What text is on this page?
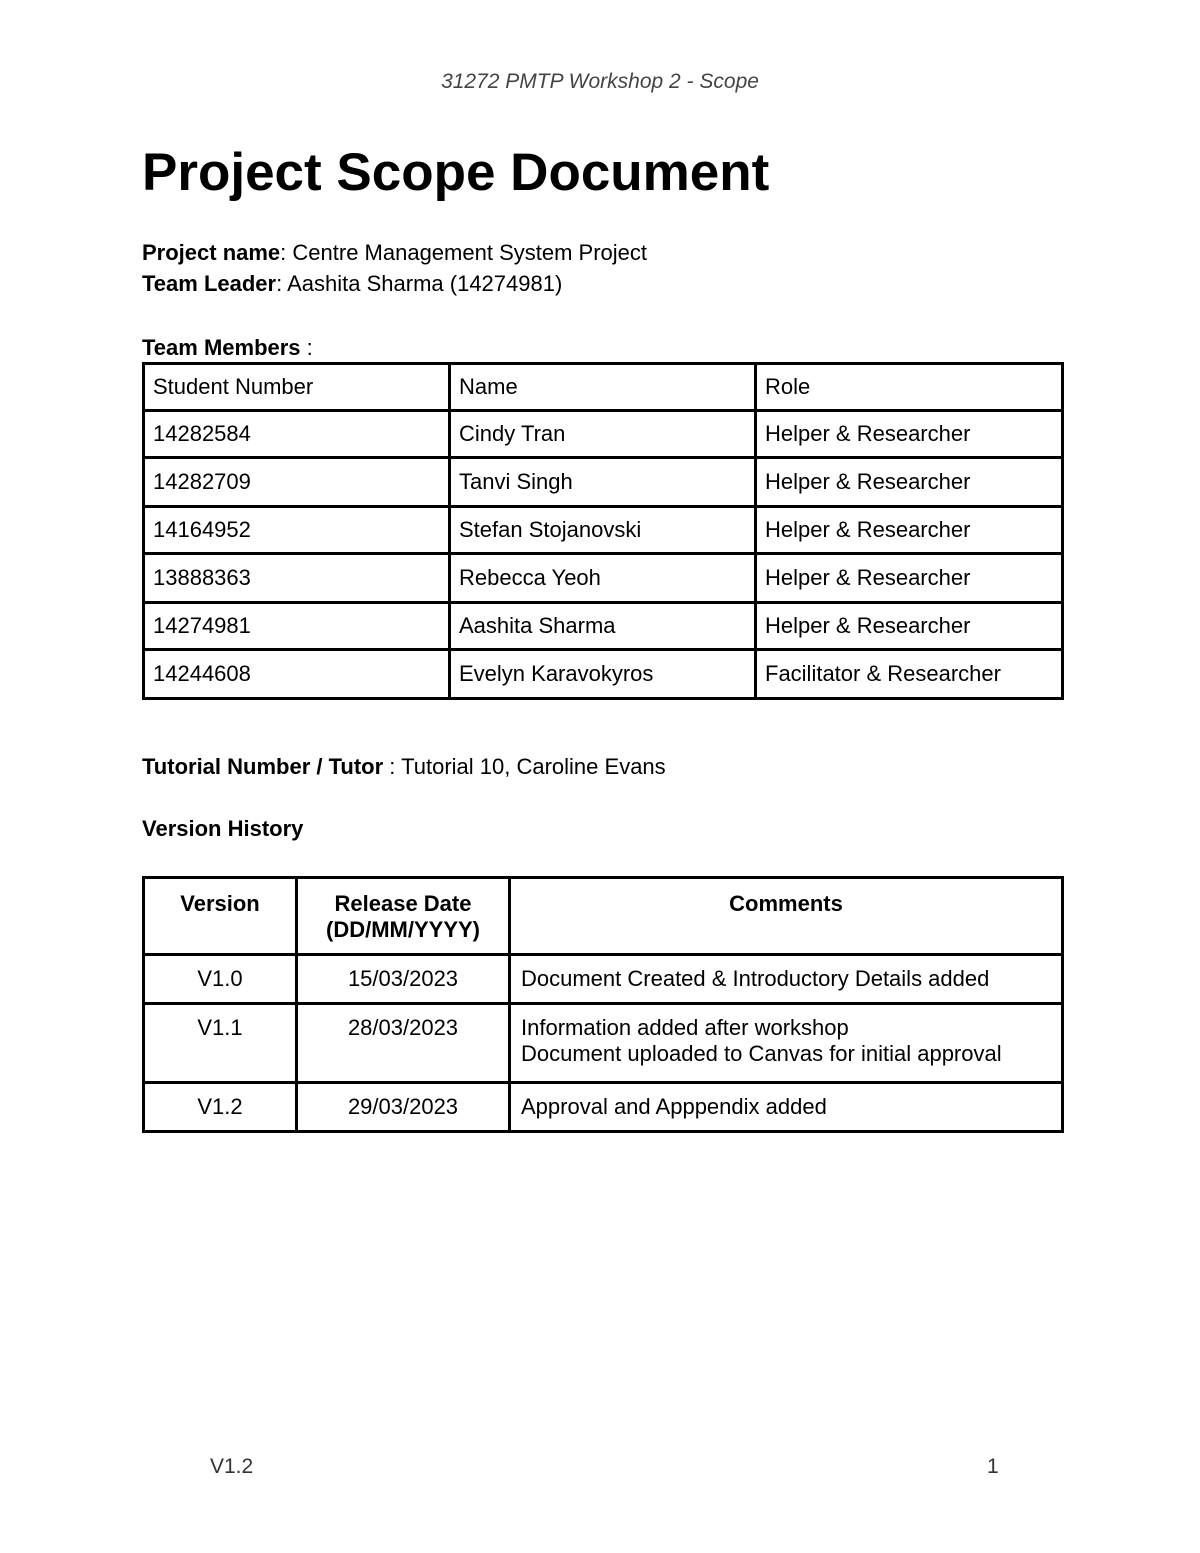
31272 PMTP Workshop 2 - Scope
Project Scope Document
Project name: Centre Management System Project
Team Leader: Aashita Sharma (14274981)
Team Members :
Student Number	Name	Role
14282584	Cindy Tran	Helper & Researcher
14282709	Tanvi Singh	Helper & Researcher
14164952	Stefan Stojanovski	Helper & Researcher
13888363	Rebecca Yeoh	Helper & Researcher
14274981	Aashita Sharma	Helper & Researcher
14244608	Evelyn Karavokyros	Facilitator & Researcher
Tutorial Number / Tutor : Tutorial 10, Caroline Evans
Version History
Version	Release Date (DD/MM/YYYY)	Comments
V1.0	15/03/2023	Document Created & Introductory Details added

V1.1	28/03/2023	Information added after workshop
Document uploaded to Canvas for initial approval

V1.2	29/03/2023	Approval and Apppendix added
V1.2	1
